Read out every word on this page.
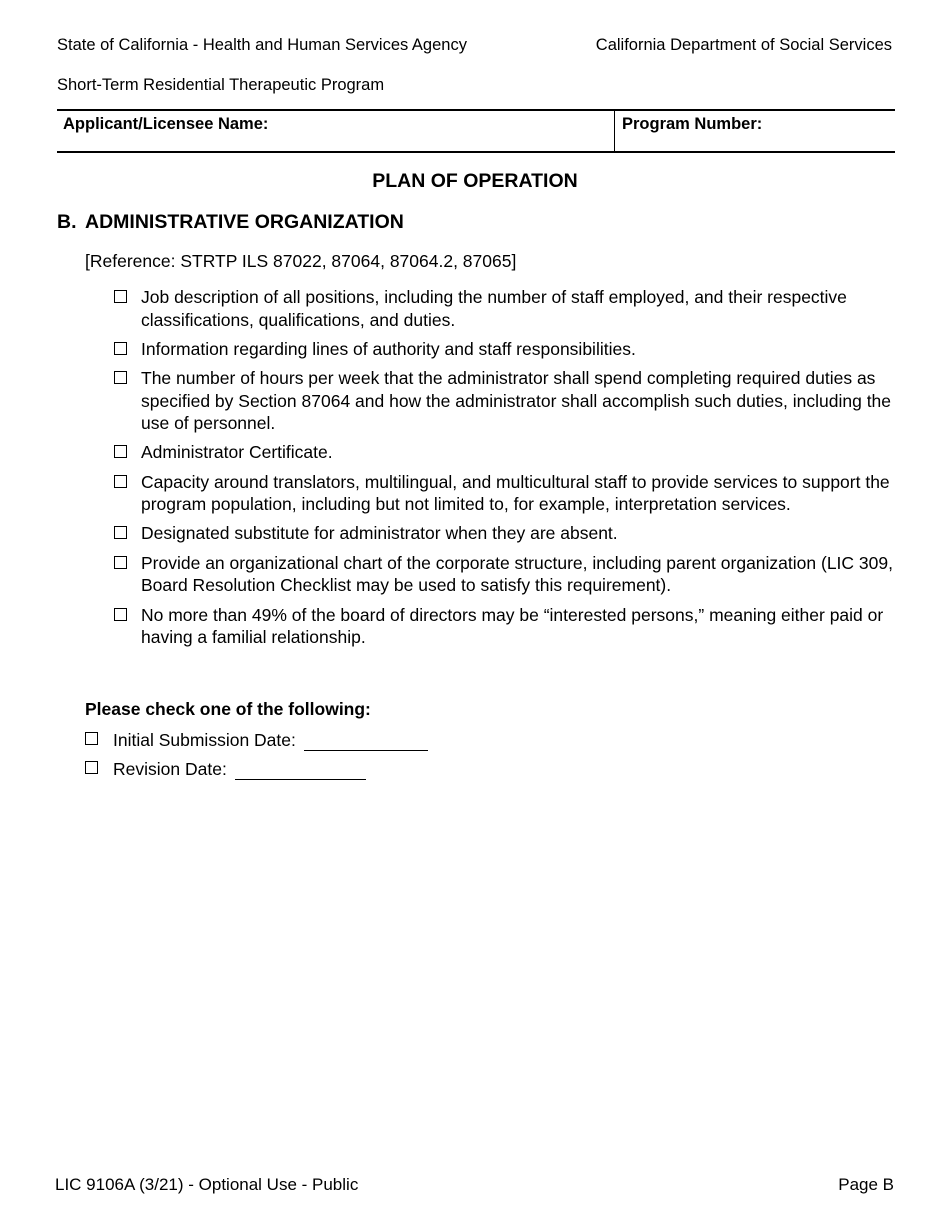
State of California - Health and Human Services Agency	California Department of Social Services
Short-Term Residential Therapeutic Program
Applicant/Licensee Name:	Program Number:
PLAN OF OPERATION
B. ADMINISTRATIVE ORGANIZATION
[Reference: STRTP ILS 87022, 87064, 87064.2, 87065]
Job description of all positions, including the number of staff employed, and their respective classifications, qualifications, and duties.
Information regarding lines of authority and staff responsibilities.
The number of hours per week that the administrator shall spend completing required duties as specified by Section 87064 and how the administrator shall accomplish such duties, including the use of personnel.
Administrator Certificate.
Capacity around translators, multilingual, and multicultural staff to provide services to support the program population, including but not limited to, for example, interpretation services.
Designated substitute for administrator when they are absent.
Provide an organizational chart of the corporate structure, including parent organization (LIC 309, Board Resolution Checklist may be used to satisfy this requirement).
No more than 49% of the board of directors may be “interested persons,” meaning either paid or having a familial relationship.
Please check one of the following:
Initial Submission Date:
Revision Date:
LIC 9106A (3/21) - Optional Use - Public	Page B
